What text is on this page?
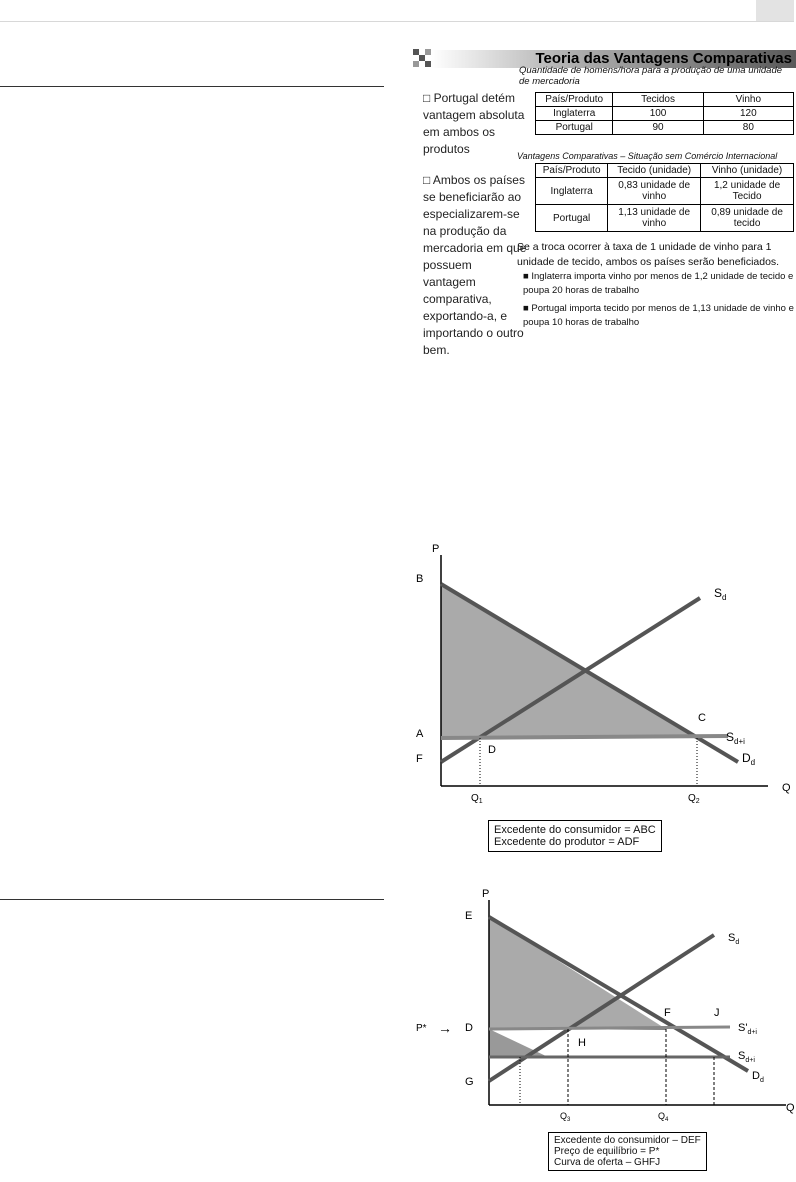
Teoria das Vantagens Comparativas
Quantidade de homens/hora para a produção de uma unidade de mercadoria
□ Portugal detém vantagem absoluta em ambos os produtos
□ Ambos os países se beneficiarão ao especializarem-se na produção da mercadoria em que possuem vantagem comparativa, exportando-a, e importando o outro bem.
País/Produto	Tecidos	Vinho
Inglaterra	100	120
Portugal	90	80
Vantagens Comparativas – Situação sem Comércio Internacional
País/Produto	Tecido (unidade)	Vinho (unidade)
Inglaterra	0,83 unidade de vinho	1,2 unidade de Tecido
Portugal	1,13 unidade de vinho	0,89 unidade de tecido
Se a troca ocorrer à taxa de 1 unidade de vinho para 1 unidade de tecido, ambos os países serão beneficiados.
■ Inglaterra importa vinho por menos de 1,2 unidade de tecido e poupa 20 horas de trabalho
■ Portugal importa tecido por menos de 1,13 unidade de vinho e poupa 10 horas de trabalho
P
Q
B
A
F
C
D
$S_d$
$S_{d+i}$
$D_d$
$Q_1$	$Q_2$
Excedente do consumidor = ABC
Excedente do produtor = ADF
P
Q
E
P* → D
G
F	J
H
$S_d$
$S'_{d+i}$
$S_{d+i}$
$D_d$
$Q_3$	$Q_4$
Excedente do consumidor – DEF
Preço de equilíbrio = P*
Curva de oferta – GHFJ
